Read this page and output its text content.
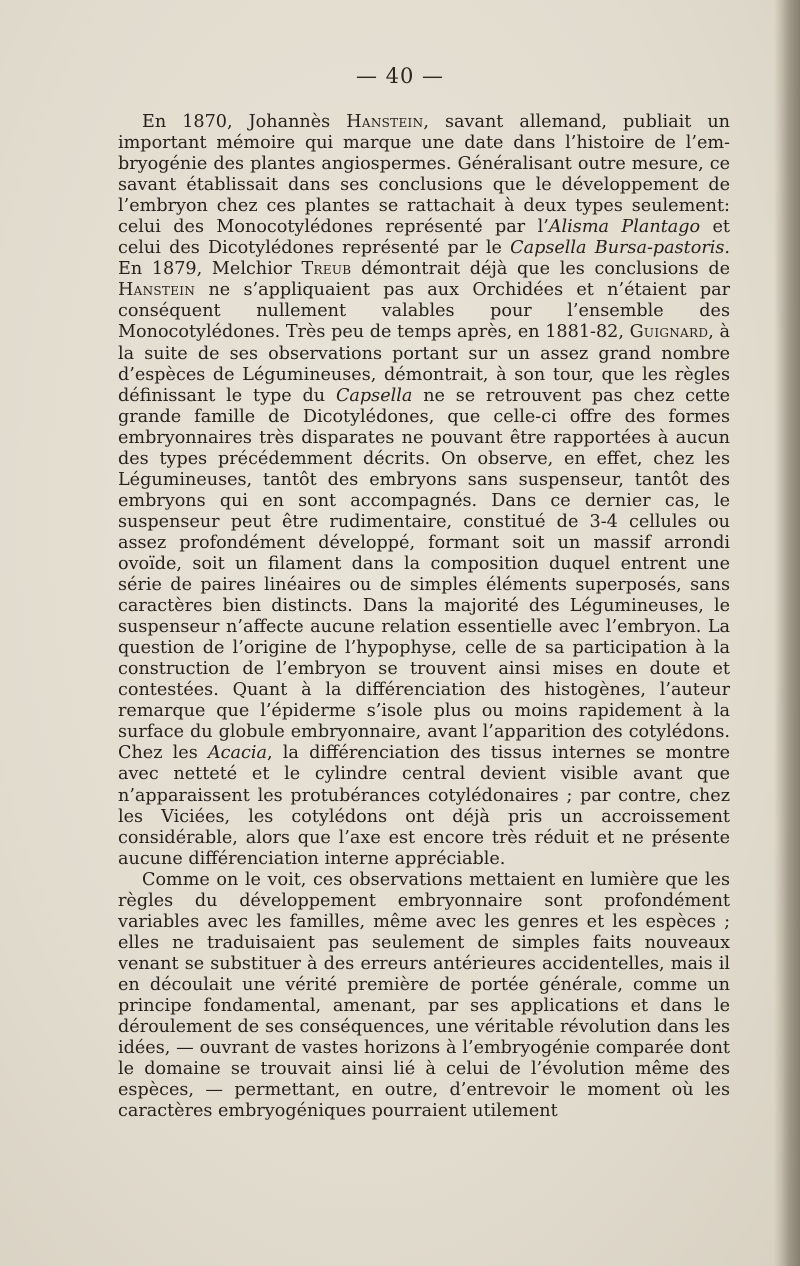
— 40 —

En 1870, Johannès Hanstein, savant allemand, publiait un important mémoire qui marque une date dans l’histoire de l’embryogénie des plantes angiospermes. Généralisant outre mesure, ce savant établissait dans ses conclusions que le développement de l’embryon chez ces plantes se rattachait à deux types seulement: celui des Monocotylédones représenté par l’Alisma Plantago et celui des Dicotylédones représenté par le Capsella Bursa-pastoris. En 1879, Melchior Treub démontrait déjà que les conclusions de Hanstein ne s’appliquaient pas aux Orchidées et n’étaient par conséquent nullement valables pour l’ensemble des Monocotylédones. Très peu de temps après, en 1881-82, Guignard, à la suite de ses observations portant sur un assez grand nombre d’espèces de Légumineuses, démontrait, à son tour, que les règles définissant le type du Capsella ne se retrouvent pas chez cette grande famille de Dicotylédones, que celle-ci offre des formes embryonnaires très disparates ne pouvant être rapportées à aucun des types précédemment décrits. On observe, en effet, chez les Légumineuses, tantôt des embryons sans suspenseur, tantôt des embryons qui en sont accompagnés. Dans ce dernier cas, le suspenseur peut être rudimentaire, constitué de 3-4 cellules ou assez profondément développé, formant soit un massif arrondi ovoïde, soit un filament dans la composition duquel entrent une série de paires linéaires ou de simples éléments superposés, sans caractères bien distincts. Dans la majorité des Légumineuses, le suspenseur n’affecte aucune relation essentielle avec l’embryon. La question de l’origine de l’hypophyse, celle de sa participation à la construction de l’embryon se trouvent ainsi mises en doute et contestées. Quant à la différenciation des histogènes, l’auteur remarque que l’épiderme s’isole plus ou moins rapidement à la surface du globule embryonnaire, avant l’apparition des cotylédons. Chez les Acacia, la différenciation des tissus internes se montre avec netteté et le cylindre central devient visible avant que n’apparaissent les protubérances cotylédonaires ; par contre, chez les Viciées, les cotylédons ont déjà pris un accroissement considérable, alors que l’axe est encore très réduit et ne présente aucune différenciation interne appréciable.

Comme on le voit, ces observations mettaient en lumière que les règles du développement embryonnaire sont profondément variables avec les familles, même avec les genres et les espèces ; elles ne traduisaient pas seulement de simples faits nouveaux venant se substituer à des erreurs antérieures accidentelles, mais il en découlait une vérité première de portée générale, comme un principe fondamental, amenant, par ses applications et dans le déroulement de ses conséquences, une véritable révolution dans les idées, — ouvrant de vastes horizons à l’embryogénie comparée dont le domaine se trouvait ainsi lié à celui de l’évolution même des espèces, — permettant, en outre, d’entrevoir le moment où les caractères embryogéniques pourraient utilement
